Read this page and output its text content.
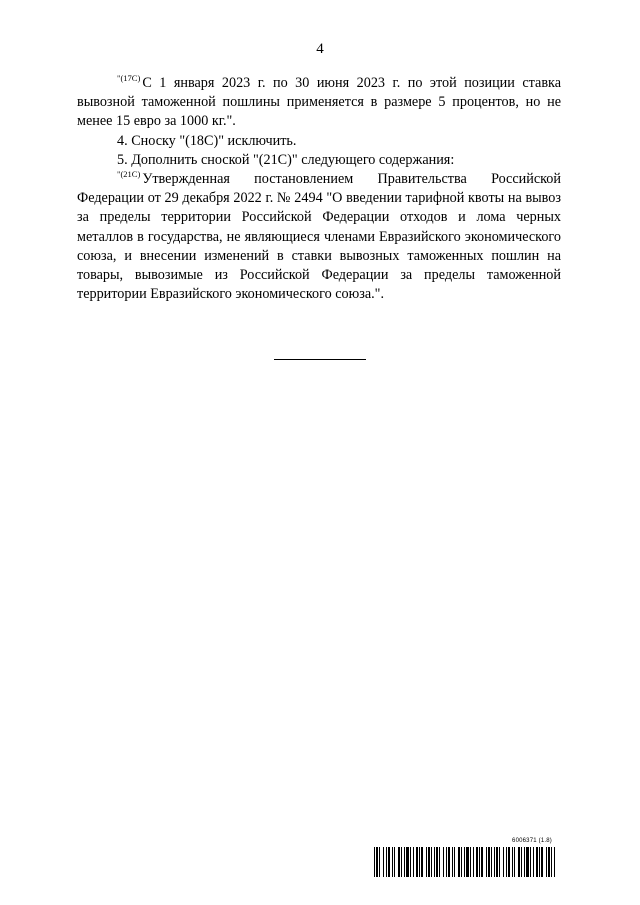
4

$^{"(17С)}$ С 1 января 2023 г. по 30 июня 2023 г. по этой позиции ставка вывозной таможенной пошлины применяется в размере 5 процентов, но не менее 15 евро за 1000 кг.".

4. Сноску "(18С)" исключить.

5. Дополнить сноской "(21С)" следующего содержания:

$^{"(21С)}$ Утвержденная постановлением Правительства Российской Федерации от 29 декабря 2022 г. № 2494 "О введении тарифной квоты на вывоз за пределы территории Российской Федерации отходов и лома черных металлов в государства, не являющиеся членами Евразийского экономического союза, и внесении изменений в ставки вывозных таможенных пошлин на товары, вывозимые из Российской Федерации за пределы таможенной территории Евразийского экономического союза.".

6006371 (1.8)
